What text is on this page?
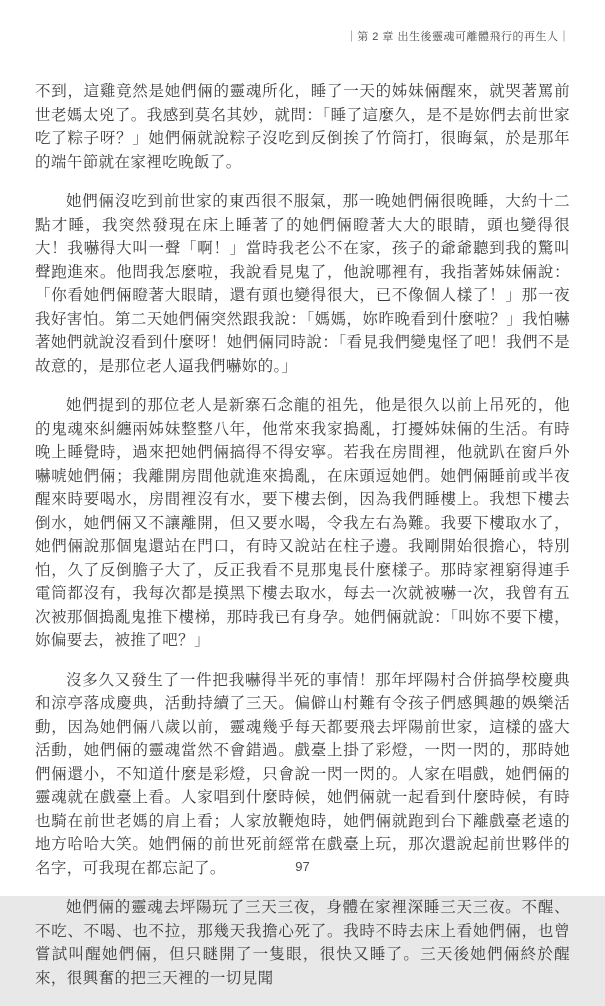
｜第 2 章 出生後靈魂可離體飛行的再生人｜

不到，這雞竟然是她們倆的靈魂所化，睡了一天的姊妹倆醒來，就哭著罵前世老媽太兇了。我感到莫名其妙，就問：「睡了這麼久，是不是妳們去前世家吃了粽子呀？」她們倆就說粽子沒吃到反倒挨了竹筒打，很晦氣，於是那年的端午節就在家裡吃晚飯了。

她們倆沒吃到前世家的東西很不服氣，那一晚她們倆很晚睡，大約十二點才睡，我突然發現在床上睡著了的她們倆瞪著大大的眼睛，頭也變得很大！我嚇得大叫一聲「啊！」當時我老公不在家，孩子的爺爺聽到我的驚叫聲跑進來。他問我怎麼啦，我說看見鬼了，他說哪裡有，我指著姊妹倆說：「你看她們倆瞪著大眼睛，還有頭也變得很大，已不像個人樣了！」那一夜我好害怕。第二天她們倆突然跟我說：「媽媽，妳昨晚看到什麼啦？」我怕嚇著她們就說沒看到什麼呀！她們倆同時說：「看見我們變鬼怪了吧！我們不是故意的，是那位老人逼我們嚇妳的。」

她們提到的那位老人是新寨石念龍的祖先，他是很久以前上吊死的，他的鬼魂來糾纏兩姊妹整整八年，他常來我家搗亂，打擾姊妹倆的生活。有時晚上睡覺時，過來把她們倆搞得不得安寧。若我在房間裡，他就趴在窗戶外嚇唬她們倆；我離開房間他就進來搗亂，在床頭逗她們。她們倆睡前或半夜醒來時要喝水，房間裡沒有水，要下樓去倒，因為我們睡樓上。我想下樓去倒水，她們倆又不讓離開，但又要水喝，令我左右為難。我要下樓取水了，她們倆說那個鬼還站在門口，有時又說站在柱子邊。我剛開始很擔心，特別怕，久了反倒膽子大了，反正我看不見那鬼長什麼樣子。那時家裡窮得連手電筒都沒有，我每次都是摸黑下樓去取水，每去一次就被嚇一次，我曾有五次被那個搗亂鬼推下樓梯，那時我已有身孕。她們倆就說：「叫妳不要下樓，妳偏要去，被推了吧？」

沒多久又發生了一件把我嚇得半死的事情！那年坪陽村合併搞學校慶典和涼亭落成慶典，活動持續了三天。偏僻山村難有令孩子們感興趣的娛樂活動，因為她們倆八歲以前，靈魂幾乎每天都要飛去坪陽前世家，這樣的盛大活動，她們倆的靈魂當然不會錯過。戲臺上掛了彩燈，一閃一閃的，那時她們倆還小，不知道什麼是彩燈，只會說一閃一閃的。人家在唱戲，她們倆的靈魂就在戲臺上看。人家唱到什麼時候，她們倆就一起看到什麼時候，有時也騎在前世老媽的肩上看；人家放鞭炮時，她們倆就跑到台下離戲臺老遠的地方哈哈大笑。她們倆的前世死前經常在戲臺上玩，那次還說起前世夥伴的名字，可我現在都忘記了。

她們倆的靈魂去坪陽玩了三天三夜，身體在家裡深睡三天三夜。不醒、不吃、不喝、也不拉，那幾天我擔心死了。我時不時去床上看她們倆，也曾嘗試叫醒她們倆，但只瞇開了一隻眼，很快又睡了。三天後她們倆終於醒來，很興奮的把三天裡的一切見聞

97
